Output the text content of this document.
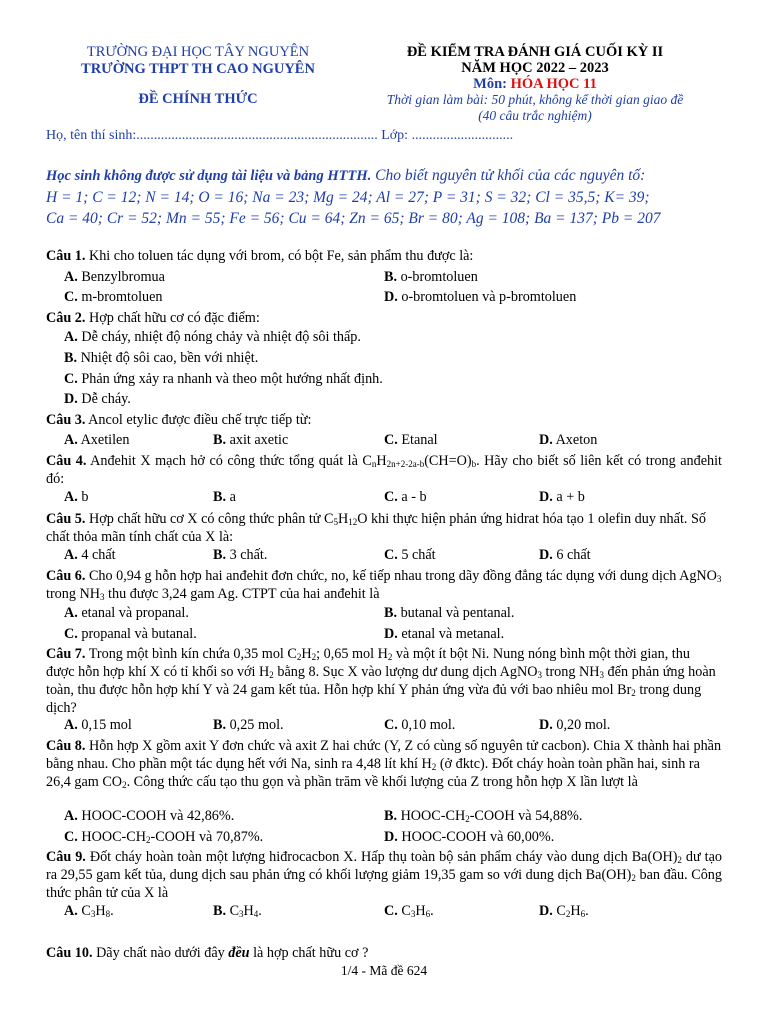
TRƯỜNG ĐẠI HỌC TÂY NGUYÊN
TRƯỜNG THPT TH CAO NGUYÊN
ĐỀ CHÍNH THỨC
ĐỀ KIỂM TRA ĐÁNH GIÁ CUỐI KỲ II
NĂM HỌC 2022 – 2023
Môn: HÓA HỌC 11
Thời gian làm bài: 50 phút, không kể thời gian giao đề
(40 câu trắc nghiệm)
Họ, tên thí sinh:..................................................................... Lớp: .............................
Học sinh không được sử dụng tài liệu và bảng HTTH. Cho biết nguyên tử khối của các nguyên tố:
H = 1; C = 12; N = 14; O = 16; Na = 23; Mg = 24; Al = 27; P = 31; S = 32; Cl = 35,5; K= 39;
Ca = 40; Cr = 52; Mn = 55; Fe = 56; Cu = 64; Zn = 65; Br = 80; Ag = 108; Ba = 137; Pb = 207
Câu 1. Khi cho toluen tác dụng với brom, có bột Fe, sản phẩm thu được là:
A. Benzylbromua	B. o-bromtoluen
C. m-bromtoluen	D. o-bromtoluen và p-bromtoluen
Câu 2. Hợp chất hữu cơ có đặc điểm:
A. Dễ cháy, nhiệt độ nóng chảy và nhiệt độ sôi thấp.
B. Nhiệt độ sôi cao, bền với nhiệt.
C. Phản ứng xảy ra nhanh và theo một hướng nhất định.
D. Dễ cháy.
Câu 3. Ancol etylic được điều chế trực tiếp từ:
A. Axetilen	B. axit axetic	C. Etanal	D. Axeton
Câu 4. Anđehit X mạch hở có công thức tổng quát là $C_nH_{2n+2-2a-b}(CH=O)_b$. Hãy cho biết số liên kết có trong anđehit đó:
A. b	B. a	C. a - b	D. a + b
Câu 5. Hợp chất hữu cơ X có công thức phân tử $C_5H_{12}O$ khi thực hiện phản ứng hidrat hóa tạo 1 olefin duy nhất. Số chất thỏa mãn tính chất của X là:
A. 4 chất	B. 3 chất.	C. 5 chất	D. 6 chất
Câu 6. Cho 0,94 g hỗn hợp hai anđehit đơn chức, no, kế tiếp nhau trong dãy đồng đẳng tác dụng với dung dịch AgNO$_3$ trong $NH_3$ thu được 3,24 gam Ag. CTPT của hai anđehit là
A. etanal và propanal.	B. butanal và pentanal.
C. propanal và butanal.	D. etanal và metanal.
Câu 7. Trong một bình kín chứa 0,35 mol $C_2H_2$; 0,65 mol $H_2$ và một ít bột Ni. Nung nóng bình một thời gian, thu được hỗn hợp khí X có tỉ khối so với $H_2$ bằng 8. Sục X vào lượng dư dung dịch AgNO$_3$ trong $NH_3$ đến phản ứng hoàn toàn, thu được hỗn hợp khí Y và 24 gam kết tủa. Hỗn hợp khí Y phản ứng vừa đủ với bao nhiêu mol $Br_2$ trong dung dịch?
A. 0,15 mol	B. 0,25 mol.	C. 0,10 mol.	D. 0,20 mol.
Câu 8. Hỗn hợp X gồm axit Y đơn chức và axit Z hai chức (Y, Z có cùng số nguyên tử cacbon). Chia X thành hai phần bằng nhau. Cho phần một tác dụng hết với Na, sinh ra 4,48 lít khí $H_2$ (ở đktc). Đốt cháy hoàn toàn phần hai, sinh ra 26,4 gam $CO_2$. Công thức cấu tạo thu gọn và phần trăm về khối lượng của Z trong hỗn hợp X lần lượt là
A. HOOC-COOH và 42,86%.	B. HOOC-$CH_2$-COOH và 54,88%.
C. HOOC-$CH_2$-COOH và 70,87%.	D. HOOC-COOH và 60,00%.
Câu 9. Đốt cháy hoàn toàn một lượng hiđrocacbon X. Hấp thụ toàn bộ sản phẩm cháy vào dung dịch $Ba(OH)_2$ dư tạo ra 29,55 gam kết tủa, dung dịch sau phản ứng có khối lượng giảm 19,35 gam so với dung dịch $Ba(OH)_2$ ban đầu. Công thức phân tử của X là
A. $C_3H_8$.	B. $C_3H_4$.	C. $C_3H_6$.	D. $C_2H_6$.
Câu 10. Dãy chất nào dưới đây đều là hợp chất hữu cơ ?
1/4 - Mã đề 624
